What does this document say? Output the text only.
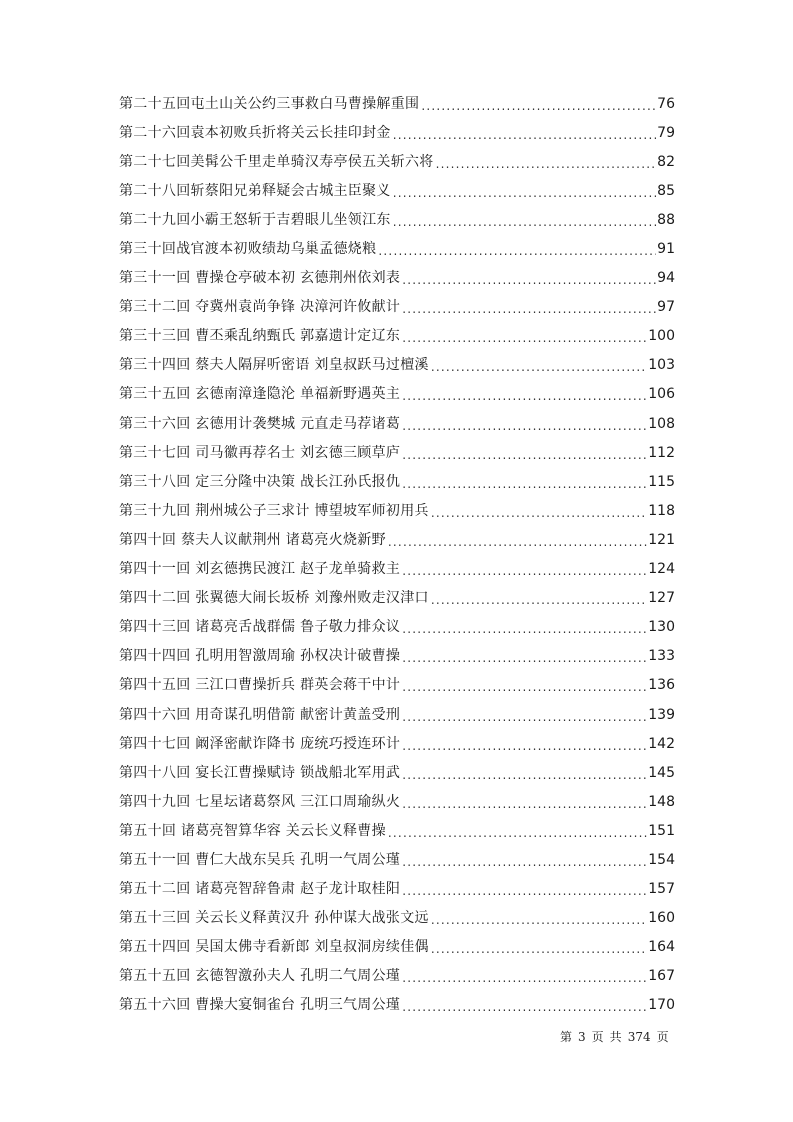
第二十五回屯土山关公约三事救白马曹操解重围 .....	76
第二十六回袁本初败兵折将关云长挂印封金 .....	79
第二十七回美髯公千里走单骑汉寿亭侯五关斩六将 .....	82
第二十八回斩蔡阳兄弟释疑会古城主臣聚义 .....	85
第二十九回小霸王怒斩于吉碧眼儿坐领江东 .....	88
第三十回战官渡本初败绩劫乌巢孟德烧粮 .....	91
第三十一回 曹操仓亭破本初 玄德荆州依刘表 .....	94
第三十二回 夺冀州袁尚争锋 决漳河许攸献计 .....	97
第三十三回 曹丕乘乱纳甄氏 郭嘉遗计定辽东 .....	100
第三十四回 蔡夫人隔屏听密语 刘皇叔跃马过檀溪 .....	103
第三十五回 玄德南漳逢隐沦 单福新野遇英主 .....	106
第三十六回 玄德用计袭樊城 元直走马荐诸葛 .....	108
第三十七回 司马徽再荐名士 刘玄德三顾草庐 .....	112
第三十八回 定三分隆中决策 战长江孙氏报仇 .....	115
第三十九回 荆州城公子三求计 博望坡军师初用兵 .....	118
第四十回 蔡夫人议献荆州 诸葛亮火烧新野 .....	121
第四十一回 刘玄德携民渡江 赵子龙单骑救主 .....	124
第四十二回 张翼德大闹长坂桥 刘豫州败走汉津口 .....	127
第四十三回 诸葛亮舌战群儒 鲁子敬力排众议 .....	130
第四十四回 孔明用智激周瑜 孙权决计破曹操 .....	133
第四十五回 三江口曹操折兵 群英会蒋干中计 .....	136
第四十六回 用奇谋孔明借箭 献密计黄盖受刑 .....	139
第四十七回 阚泽密献诈降书 庞统巧授连环计 .....	142
第四十八回 宴长江曹操赋诗 锁战船北军用武 .....	145
第四十九回 七星坛诸葛祭风 三江口周瑜纵火 .....	148
第五十回 诸葛亮智算华容 关云长义释曹操 .....	151
第五十一回 曹仁大战东吴兵 孔明一气周公瑾 .....	154
第五十二回 诸葛亮智辞鲁肃 赵子龙计取桂阳 .....	157
第五十三回 关云长义释黄汉升 孙仲谋大战张文远 .....	160
第五十四回 吴国太佛寺看新郎 刘皇叔洞房续佳偶 .....	164
第五十五回 玄德智激孙夫人 孔明二气周公瑾 .....	167
第五十六回 曹操大宴铜雀台 孔明三气周公瑾 .....	170
第 3 页 共 374 页
